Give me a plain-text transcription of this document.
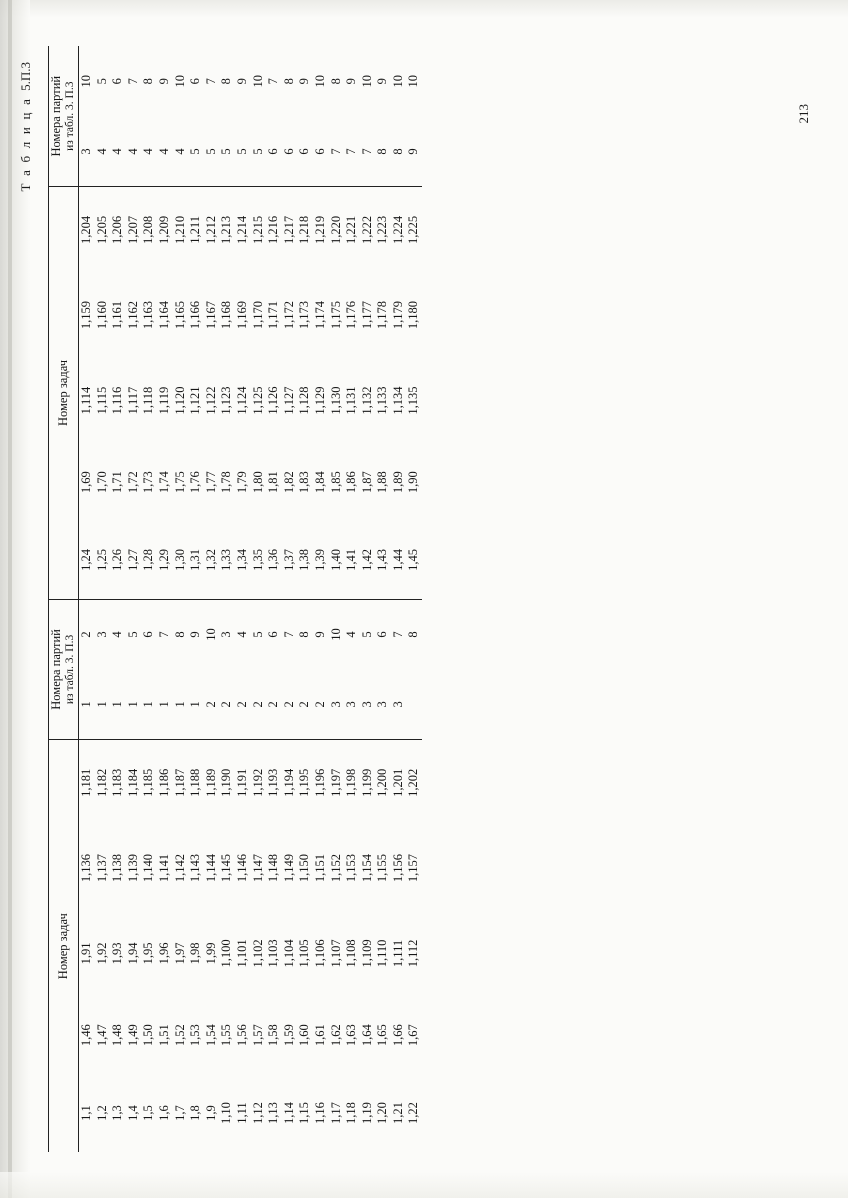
Т а б л и ц а5.П.3
Номер задач					Номера партий из табл. 3. П.3		Номер задач					Номера партий из табл. 3. П.3	

1,1	1,46	1,91	1,136	1,181	1	2	1,24	1,69	1,114	1,159	1,204	3	10
1,2	1,47	1,92	1,137	1,182	1	3	1,25	1,70	1,115	1,160	1,205	4	5
1,3	1,48	1,93	1,138	1,183	1	4	1,26	1,71	1,116	1,161	1,206	4	6
1,4	1,49	1,94	1,139	1,184	1	5	1,27	1,72	1,117	1,162	1,207	4	7
1,5	1,50	1,95	1,140	1,185	1	6	1,28	1,73	1,118	1,163	1,208	4	8
1,6	1,51	1,96	1,141	1,186	1	7	1,29	1,74	1,119	1,164	1,209	4	9
1,7	1,52	1,97	1,142	1,187	1	8	1,30	1,75	1,120	1,165	1,210	4	10
1,8	1,53	1,98	1,143	1,188	1	9	1,31	1,76	1,121	1,166	1,211	5	6
1,9	1,54	1,99	1,144	1,189	2	10	1,32	1,77	1,122	1,167	1,212	5	7
1,10	1,55	1,100	1,145	1,190	2	3	1,33	1,78	1,123	1,168	1,213	5	8
1,11	1,56	1,101	1,146	1,191	2	4	1,34	1,79	1,124	1,169	1,214	5	9
1,12	1,57	1,102	1,147	1,192	2	5	1,35	1,80	1,125	1,170	1,215	5	10
1,13	1,58	1,103	1,148	1,193	2	6	1,36	1,81	1,126	1,171	1,216	6	7
1,14	1,59	1,104	1,149	1,194	2	7	1,37	1,82	1,127	1,172	1,217	6	8
1,15	1,60	1,105	1,150	1,195	2	8	1,38	1,83	1,128	1,173	1,218	6	9
1,16	1,61	1,106	1,151	1,196	2	9	1,39	1,84	1,129	1,174	1,219	6	10
1,17	1,62	1,107	1,152	1,197	3	10	1,40	1,85	1,130	1,175	1,220	7	8
1,18	1,63	1,108	1,153	1,198	3	4	1,41	1,86	1,131	1,176	1,221	7	9
1,19	1,64	1,109	1,154	1,199	3	5	1,42	1,87	1,132	1,177	1,222	7	10
1,20	1,65	1,110	1,155	1,200	3	6	1,43	1,88	1,133	1,178	1,223	8	9
1,21	1,66	1,111	1,156	1,201	3	7	1,44	1,89	1,134	1,179	1,224	8	10
1,22	1,67	1,112	1,157	1,202		8	1,45	1,90	1,135	1,180	1,225	9	10
213
